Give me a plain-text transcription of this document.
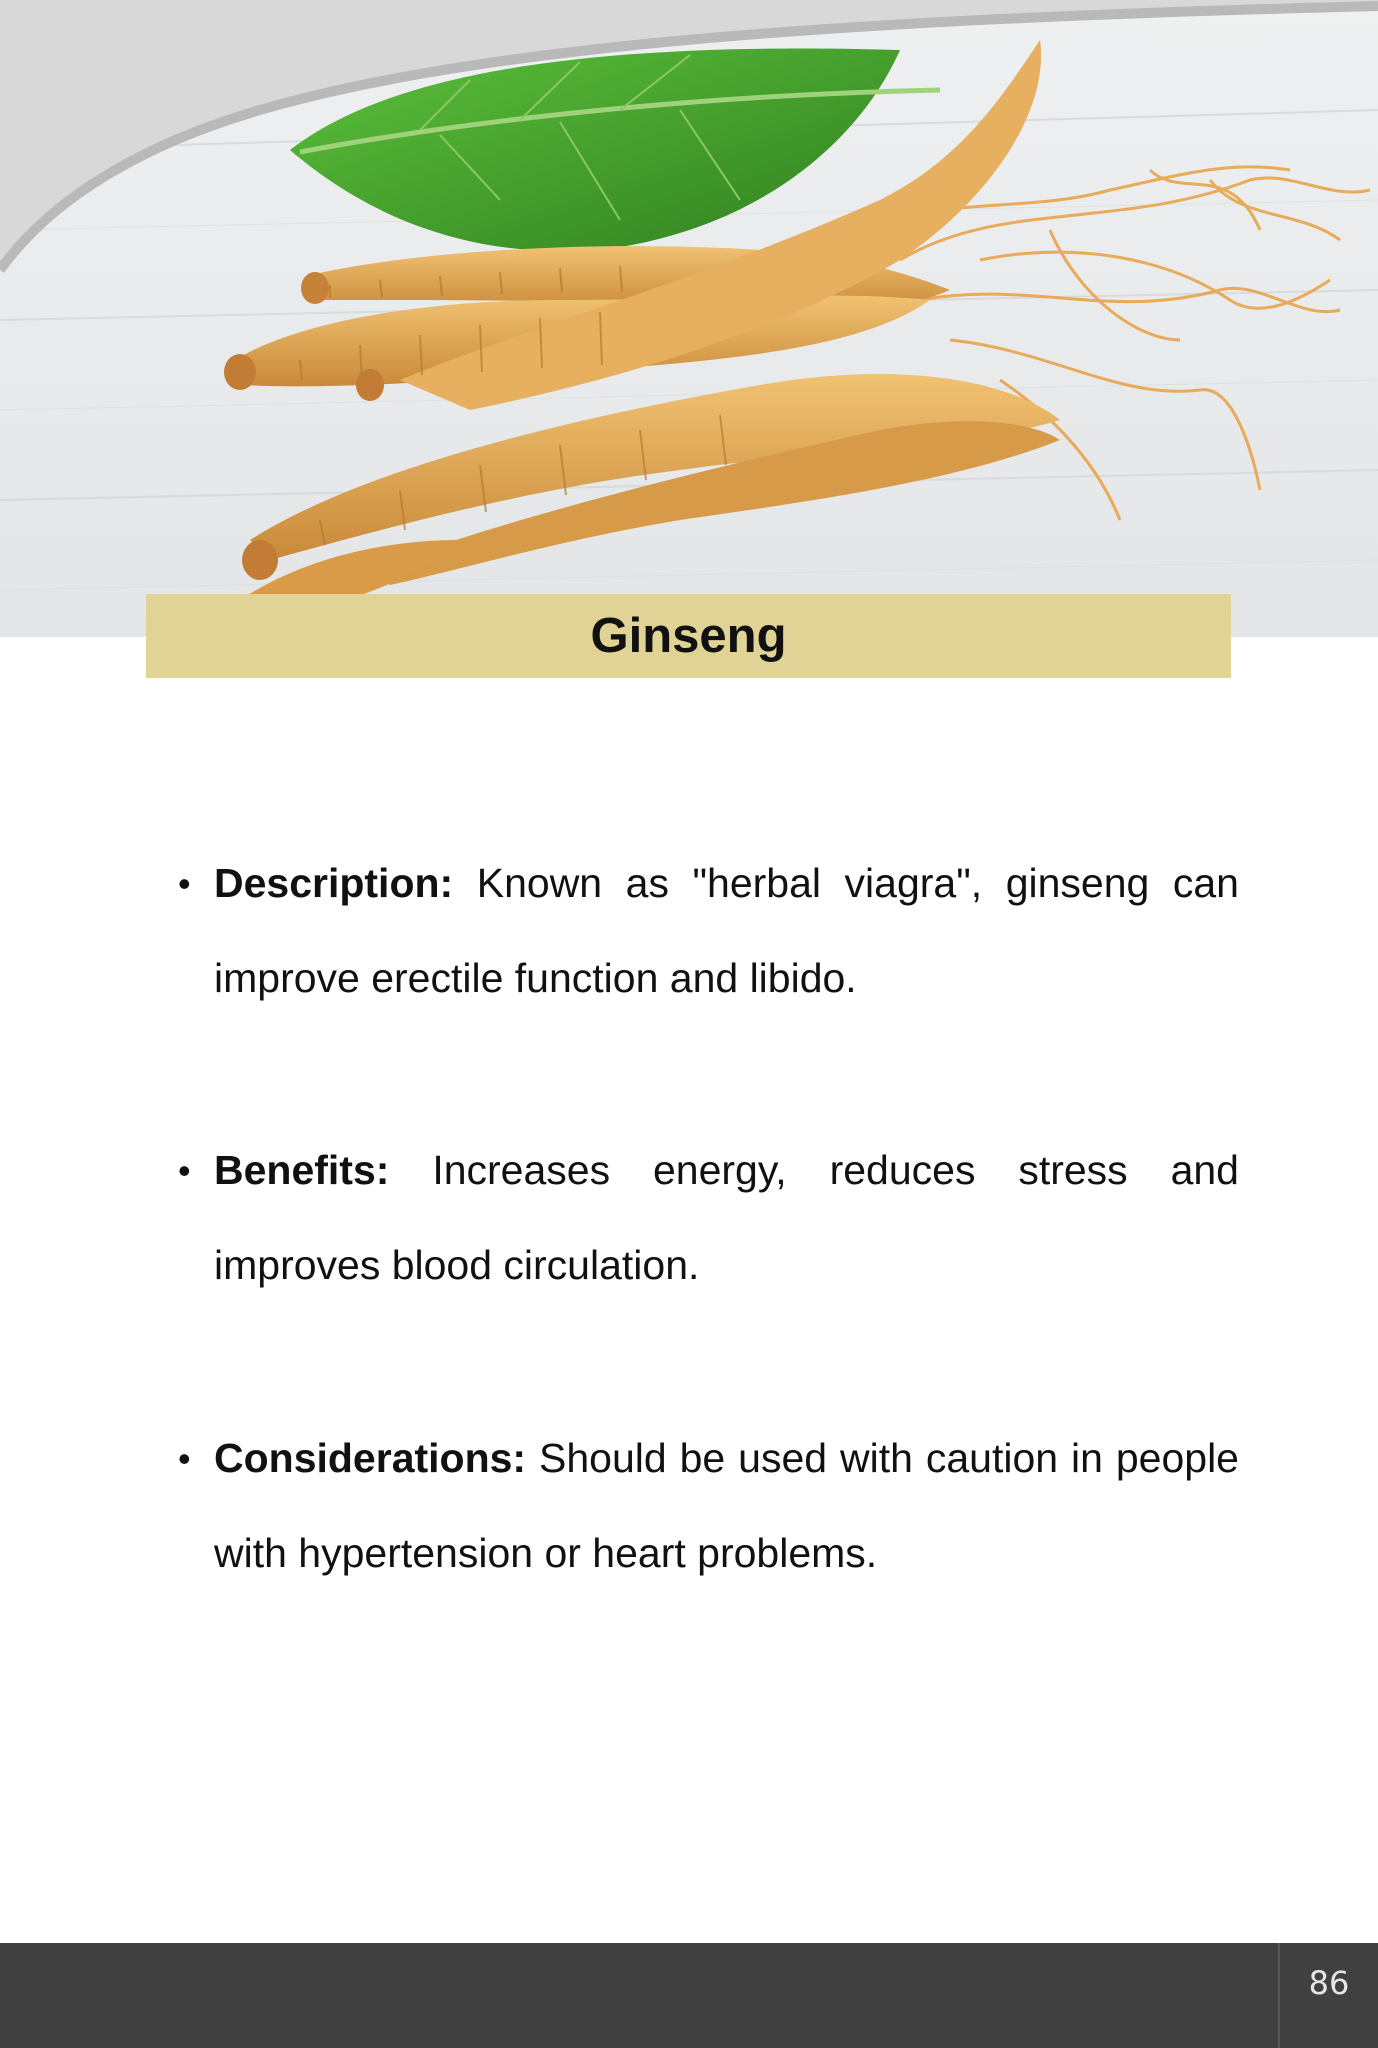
Ginseng
• Description: Known as "herbal viagra", ginseng can improve erectile function and libido.
• Benefits: Increases energy, reduces stress and improves blood circulation.
• Considerations: Should be used with caution in people with hypertension or heart problems.
86
